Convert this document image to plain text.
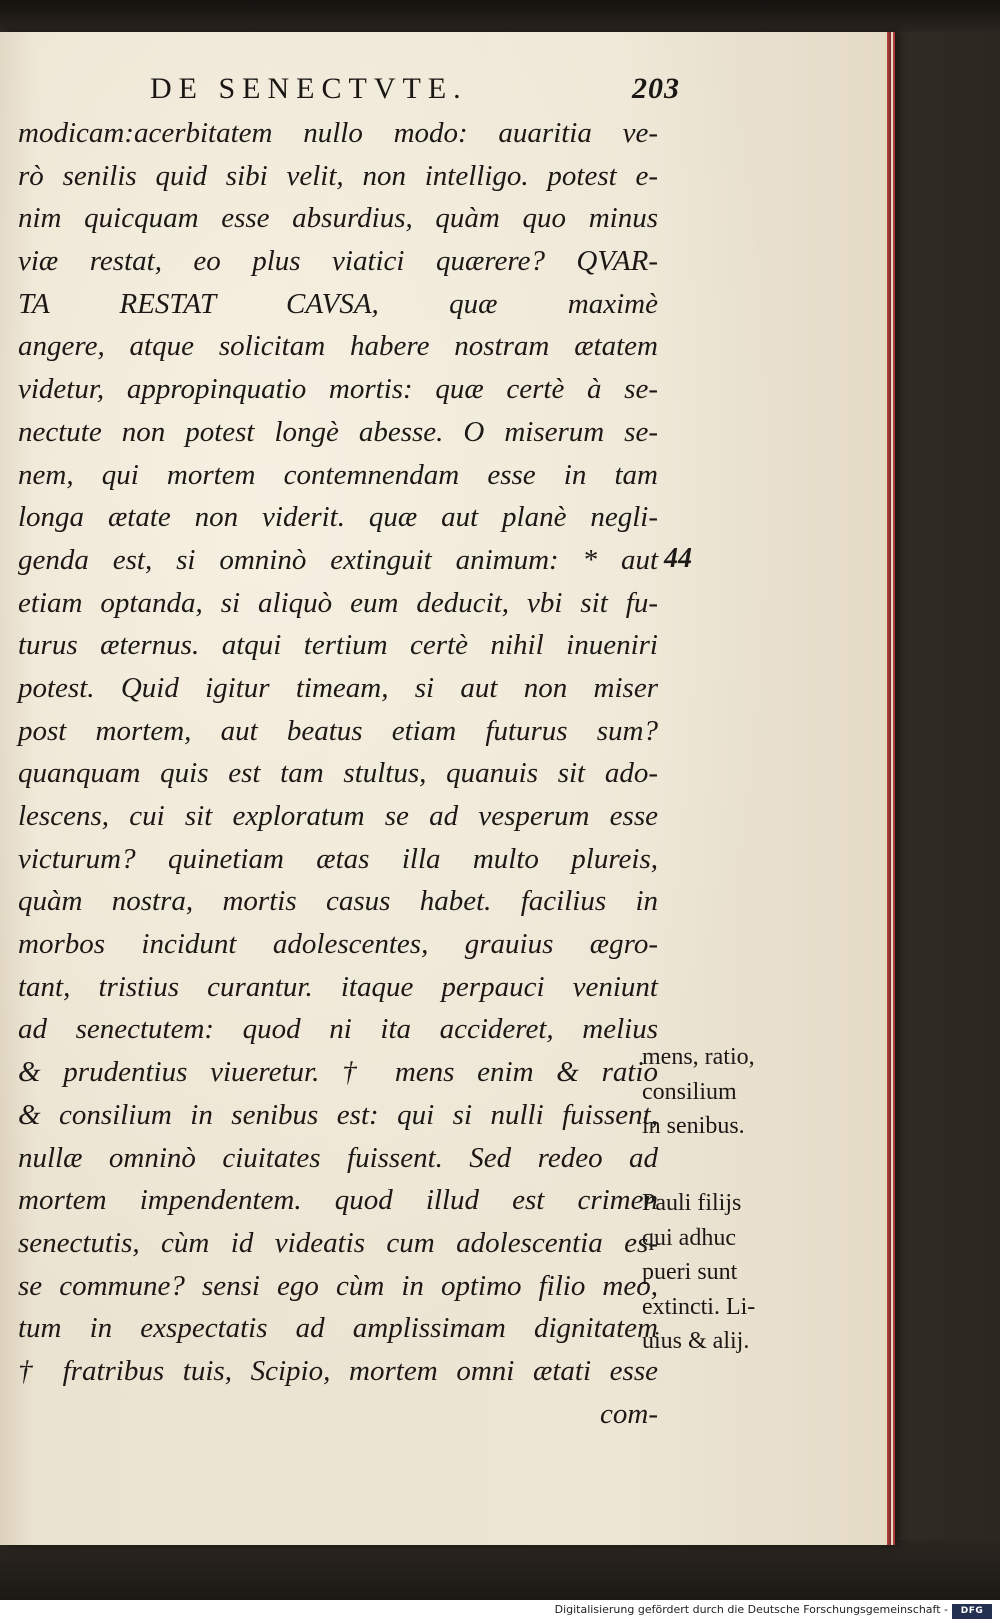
DE SENECTVTE.	203
modicam:acerbitatem nullo modo: auaritia ve-
rò senilis quid sibi velit, non intelligo. potest e-
nim quicquam esse absurdius, quàm quo minus
viæ restat, eo plus viatici quærere? QVAR-
TA RESTAT CAVSA, quæ maximè
angere, atque solicitam habere nostram ætatem
videtur, appropinquatio mortis: quæ certè à se-
nectute non potest longè abesse. O miserum se-
nem, qui mortem contemnendam esse in tam
longa ætate non viderit. quæ aut planè negli-
genda est, si omninò extinguit animum: * aut
etiam optanda, si aliquò eum deducit, vbi sit fu-
turus æternus. atqui tertium certè nihil inueniri
potest. Quid igitur timeam, si aut non miser
post mortem, aut beatus etiam futurus sum?
quanquam quis est tam stultus, quanuis sit ado-
lescens, cui sit exploratum se ad vesperum esse
victurum? quinetiam ætas illa multo plureis,
quàm nostra, mortis casus habet. facilius in
morbos incidunt adolescentes, grauius ægro-
tant, tristius curantur. itaque perpauci veniunt
ad senectutem: quod ni ita accideret, melius
& prudentius viueretur. † mens enim & ratio
& consilium in senibus est: qui si nulli fuissent,
nullæ omninò ciuitates fuissent. Sed redeo ad
mortem impendentem. quod illud est crimen
senectutis, cùm id videatis cum adolescentia es-
se commune? sensi ego cùm in optimo filio meo,
tum in exspectatis ad amplissimam dignitatem
† fratribus tuis, Scipio, mortem omni ætati esse
com-
44
mens, ratio,
consilium
in senibus.
Pauli filijs
qui adhuc
pueri sunt
extincti. Li-
uius & alij.
Digitalisierung gefördert durch die Deutsche Forschungsgemeinschaft -	DFG
